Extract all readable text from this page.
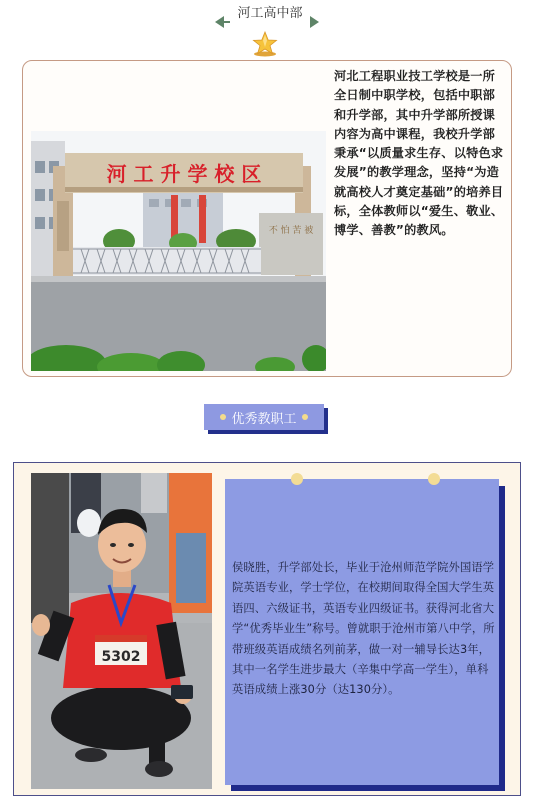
河工高中部
河 工 升 学 校 区
不 怕 苦 被
河北工程职业技工学校是一所全日制中职学校，包括中职部和升学部，其中升学部所授课内容为高中课程，我校升学部秉承“以质量求生存、以特色求发展”的教学理念，坚持“为造就高校人才奠定基础”的培养目标，全体教师以“爱生、敬业、博学、善教”的教风。
优秀教职工
5302
侯晓胜，升学部处长，毕业于沧州师范学院外国语学院英语专业，学士学位，在校期间取得全国大学生英语四、六级证书，英语专业四级证书。获得河北省大学“优秀毕业生”称号。曾就职于沧州市第八中学，所带班级英语成绩名列前茅，做一对一辅导长达3年，其中一名学生进步最大（辛集中学高一学生），单科英语成绩上涨30分（达130分）。
